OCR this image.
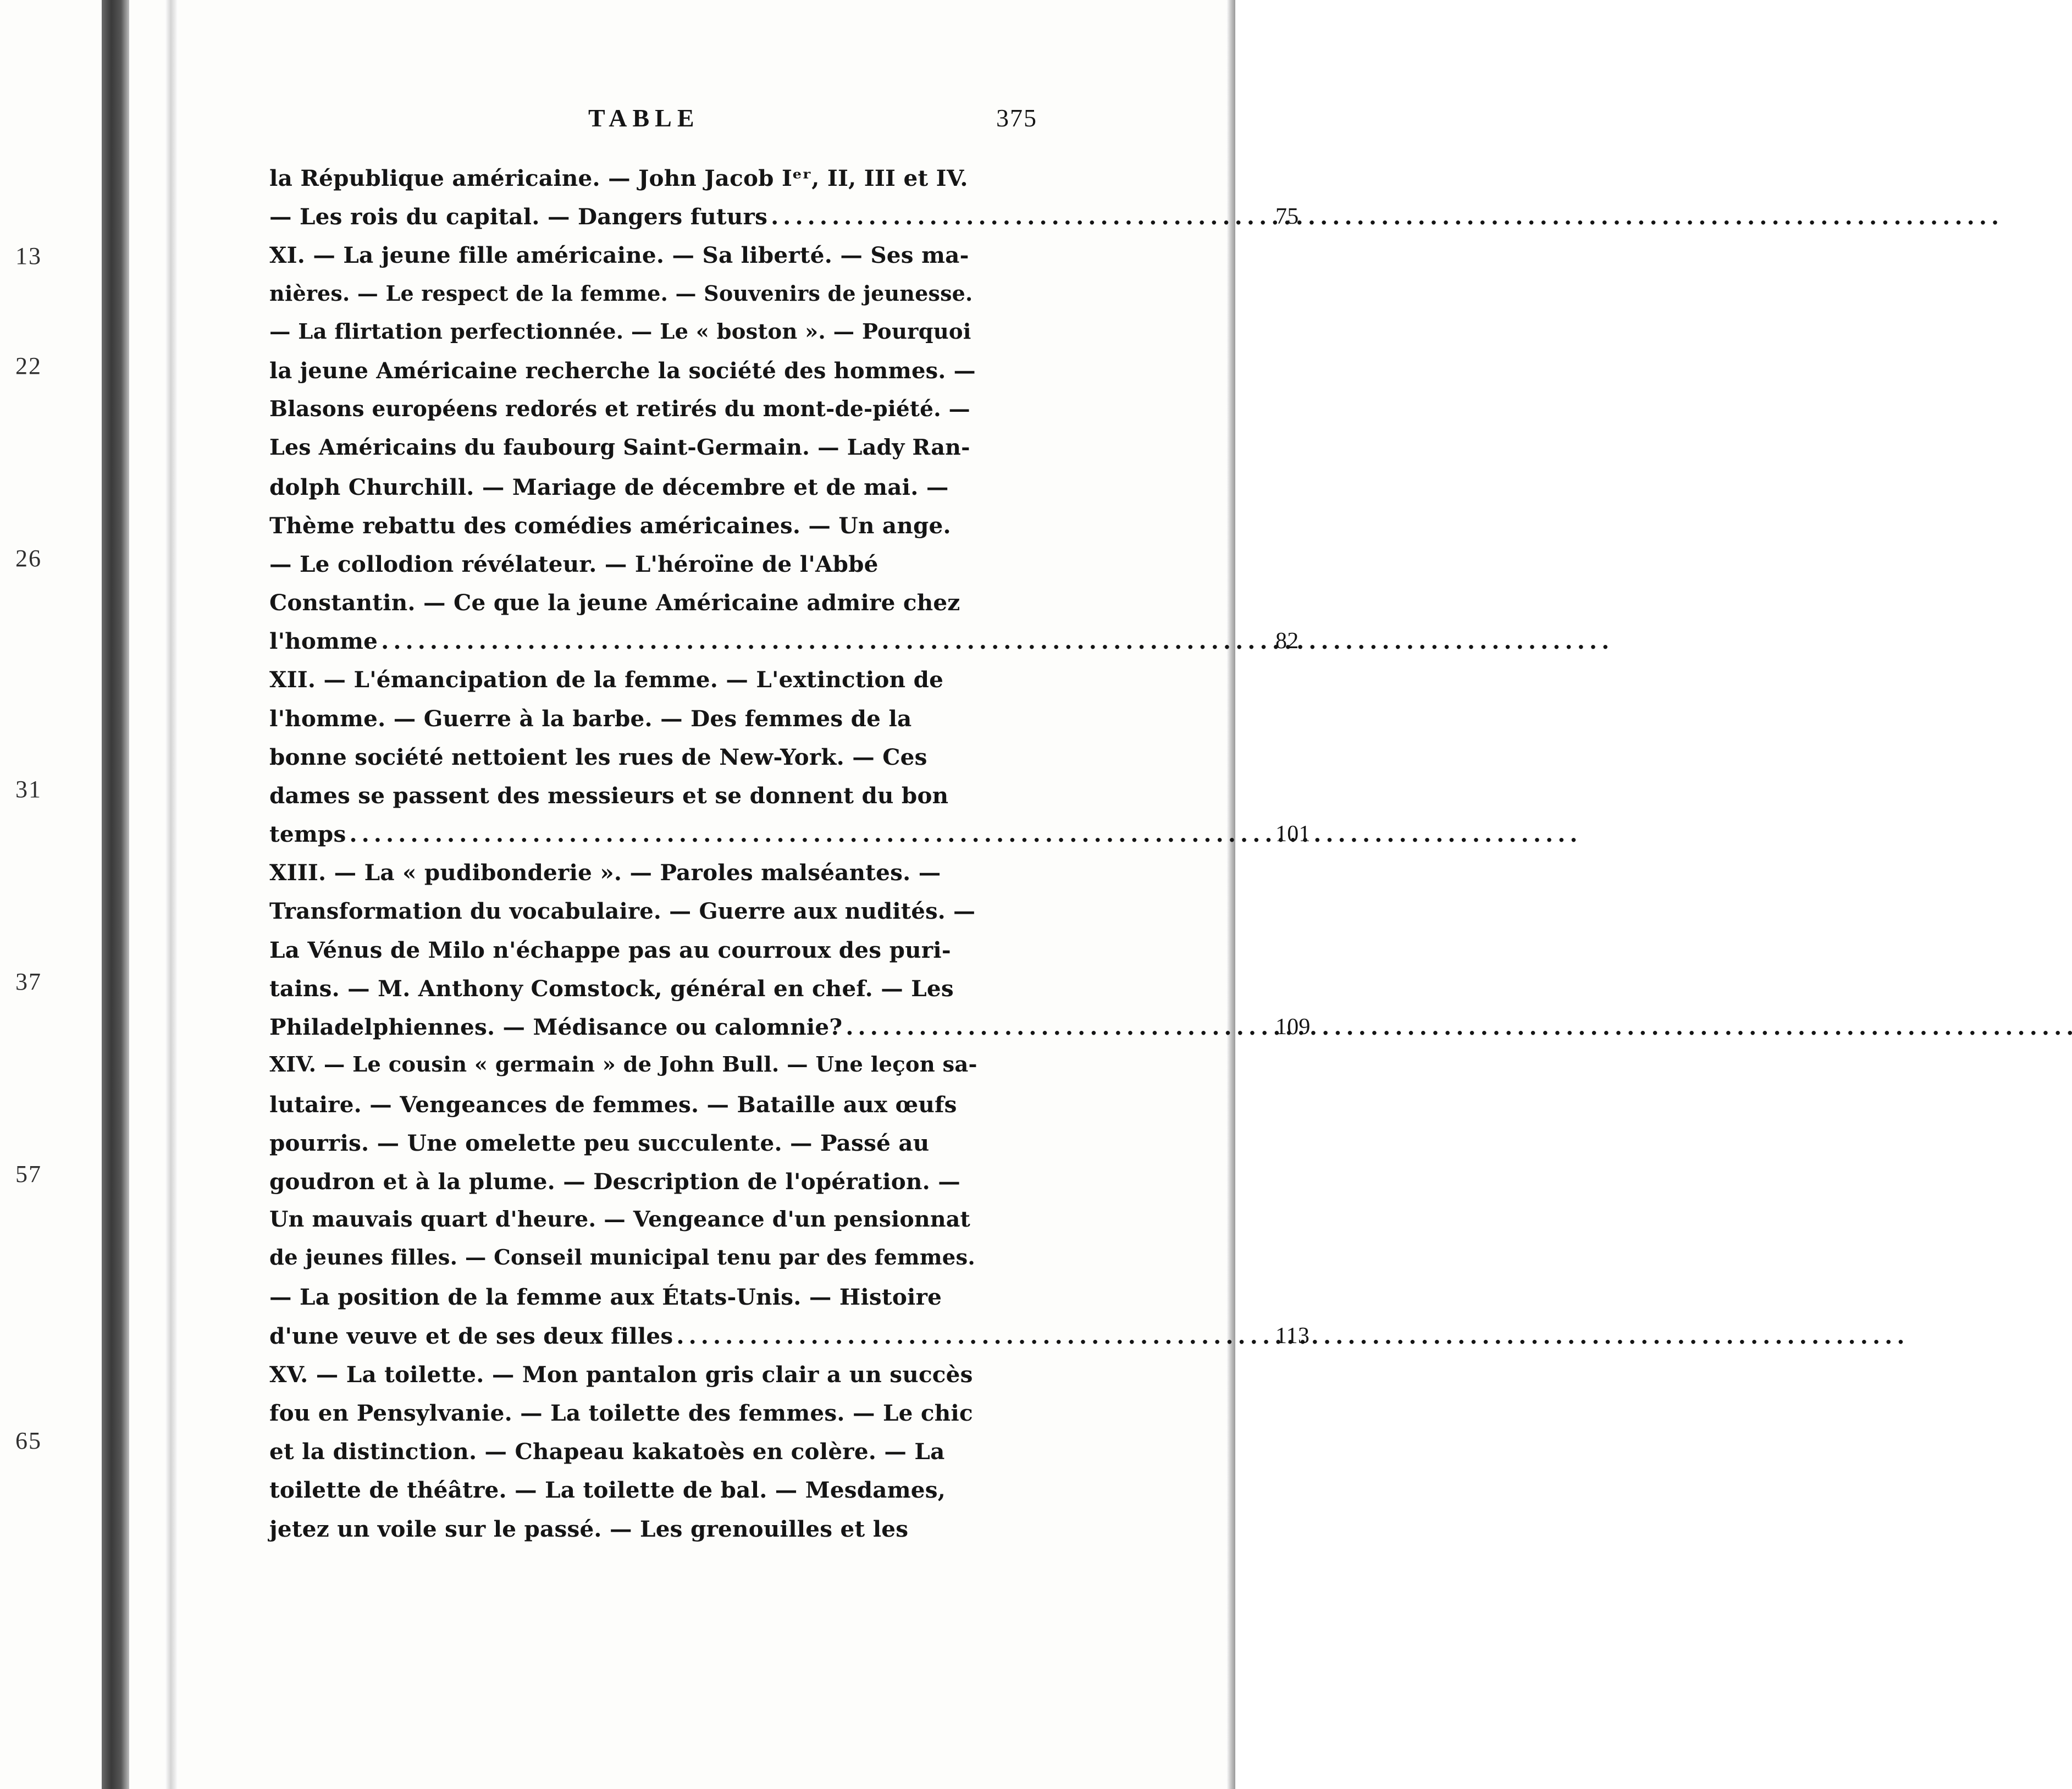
13
22
26
31
37
57
65
TABLE	375
la République américaine. — John Jacob Iᵉʳ, II, III et IV.
— Les rois du capital. — Dangers futurs . . .	75
XI. — La jeune fille américaine. — Sa liberté. — Ses ma-
nières. — Le respect de la femme. — Souvenirs de jeunesse.
— La flirtation perfectionnée. — Le « boston ». — Pourquoi
la jeune Américaine recherche la société des hommes. —
Blasons européens redorés et retirés du mont-de-piété. —
Les Américains du faubourg Saint-Germain. — Lady Ran-
dolph Churchill. — Mariage de décembre et de mai. —
Thème rebattu des comédies américaines. — Un ange.
— Le collodion révélateur. — L'héroïne de l'Abbé
Constantin. — Ce que la jeune Américaine admire chez
l'homme . . .	82
XII. — L'émancipation de la femme. — L'extinction de
l'homme. — Guerre à la barbe. — Des femmes de la
bonne société nettoient les rues de New-York. — Ces
dames se passent des messieurs et se donnent du bon
temps . . .	101
XIII. — La « pudibonderie ». — Paroles malséantes. —
Transformation du vocabulaire. — Guerre aux nudités. —
La Vénus de Milo n'échappe pas au courroux des puri-
tains. — M. Anthony Comstock, général en chef. — Les
Philadelphiennes. — Médisance ou calomnie? . . .	109
XIV. — Le cousin « germain » de John Bull. — Une leçon sa-
lutaire. — Vengeances de femmes. — Bataille aux œufs
pourris. — Une omelette peu succulente. — Passé au
goudron et à la plume. — Description de l'opération. —
Un mauvais quart d'heure. — Vengeance d'un pensionnat
de jeunes filles. — Conseil municipal tenu par des femmes.
— La position de la femme aux États-Unis. — Histoire
d'une veuve et de ses deux filles . . .	113
XV. — La toilette. — Mon pantalon gris clair a un succès
fou en Pensylvanie. — La toilette des femmes. — Le chic
et la distinction. — Chapeau kakatoès en colère. — La
toilette de théâtre. — La toilette de bal. — Mesdames,
jetez un voile sur le passé. — Les grenouilles et les
